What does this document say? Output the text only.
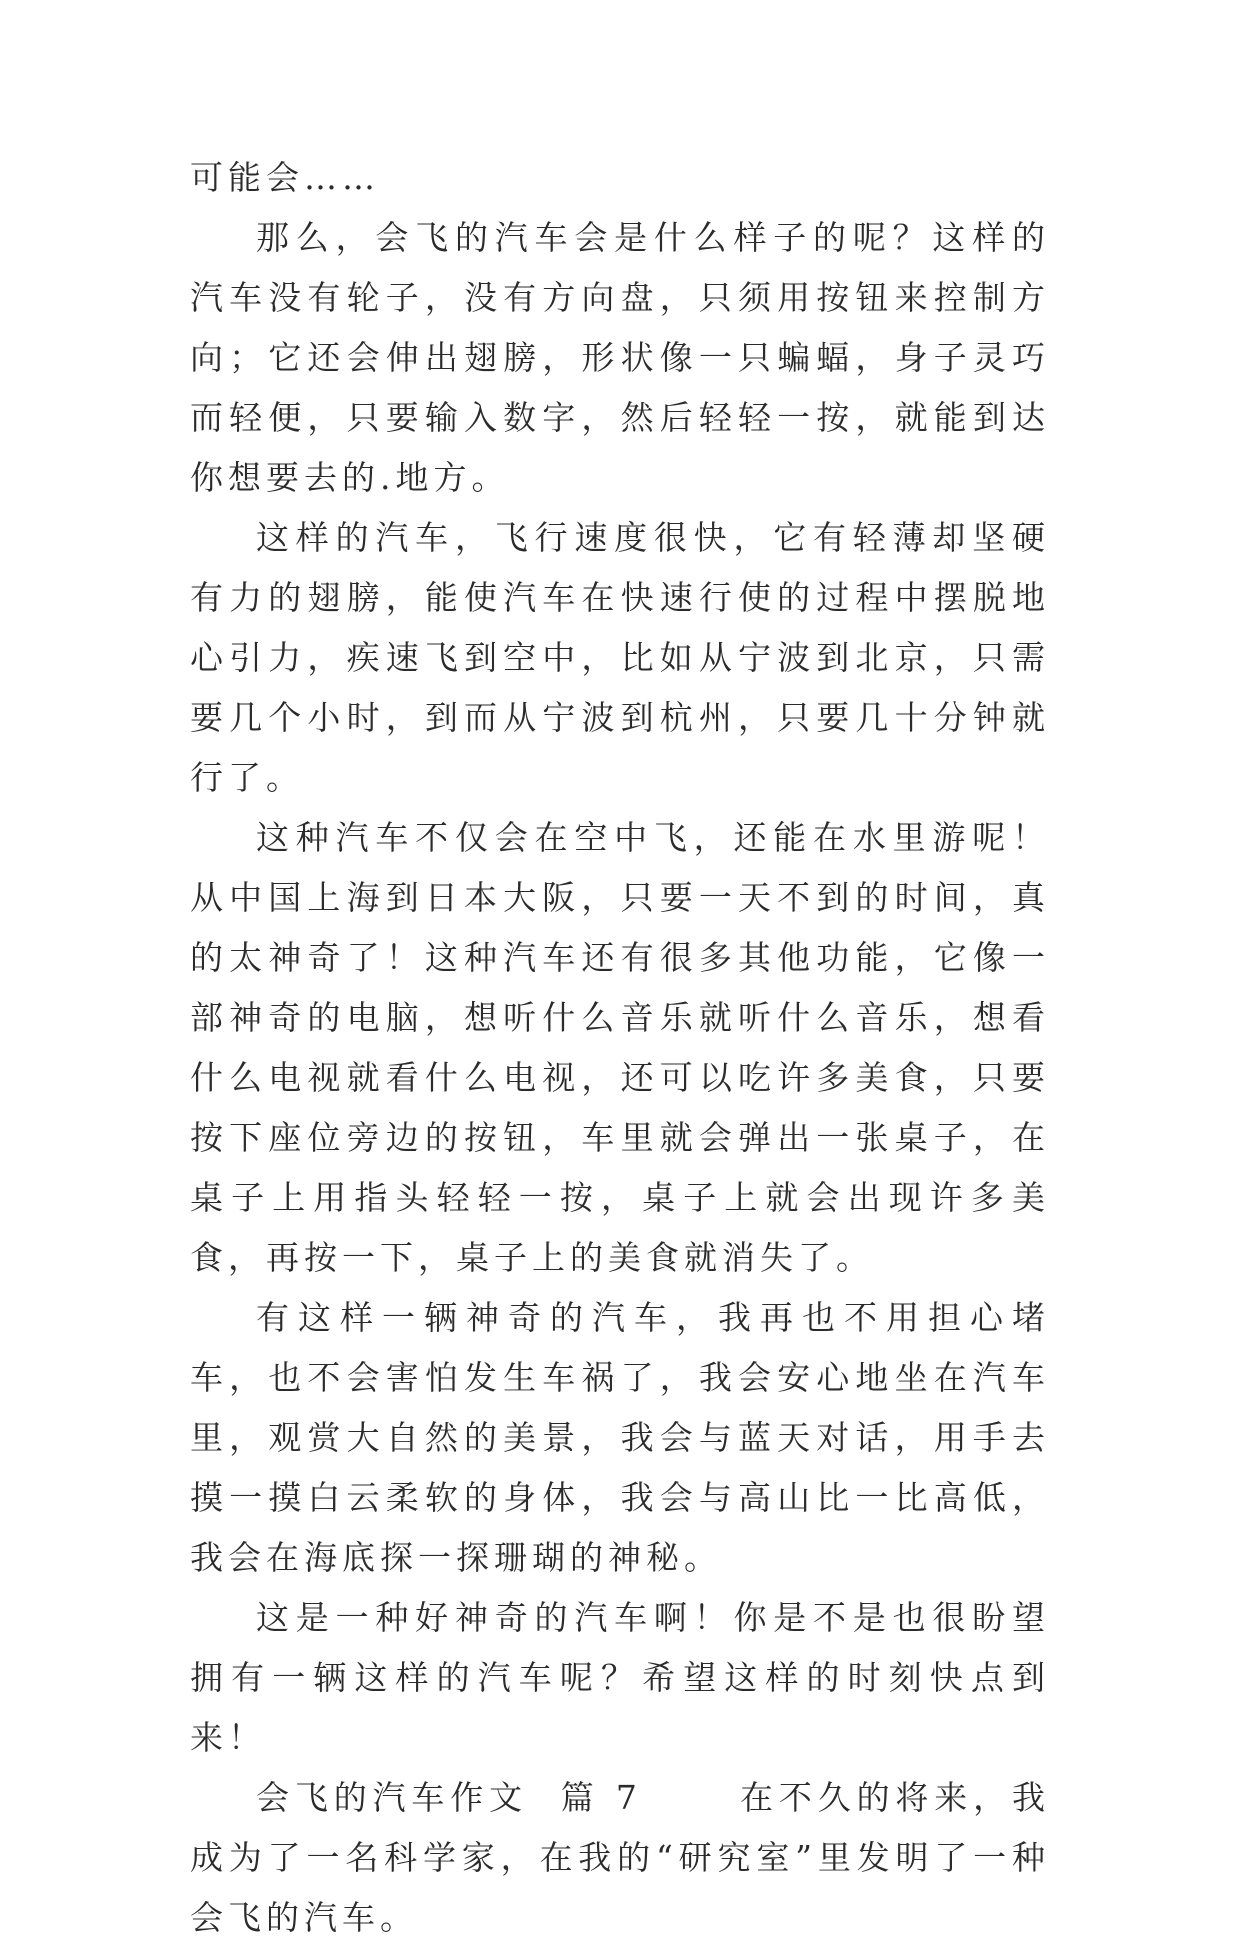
可能会……

那么，会飞的汽车会是什么样子的呢？这样的汽车没有轮子，没有方向盘，只须用按钮来控制方向；它还会伸出翅膀，形状像一只蝙蝠，身子灵巧而轻便，只要输入数字，然后轻轻一按，就能到达你想要去的.地方。

这样的汽车，飞行速度很快，它有轻薄却坚硬有力的翅膀，能使汽车在快速行使的过程中摆脱地心引力，疾速飞到空中，比如从宁波到北京，只需要几个小时，到而从宁波到杭州，只要几十分钟就行了。

这种汽车不仅会在空中飞，还能在水里游呢！从中国上海到日本大阪，只要一天不到的时间，真的太神奇了！这种汽车还有很多其他功能，它像一部神奇的电脑，想听什么音乐就听什么音乐，想看什么电视就看什么电视，还可以吃许多美食，只要按下座位旁边的按钮，车里就会弹出一张桌子，在桌子上用指头轻轻一按，桌子上就会出现许多美食，再按一下，桌子上的美食就消失了。

有这样一辆神奇的汽车，我再也不用担心堵车，也不会害怕发生车祸了，我会安心地坐在汽车里，观赏大自然的美景，我会与蓝天对话，用手去摸一摸白云柔软的身体，我会与高山比一比高低，我会在海底探一探珊瑚的神秘。

这是一种好神奇的汽车啊！你是不是也很盼望拥有一辆这样的汽车呢？希望这样的时刻快点到来！

会飞的汽车作文  篇 7	在不久的将来，我成为了一名科学家，在我的“研究室”里发明了一种会飞的汽车。
